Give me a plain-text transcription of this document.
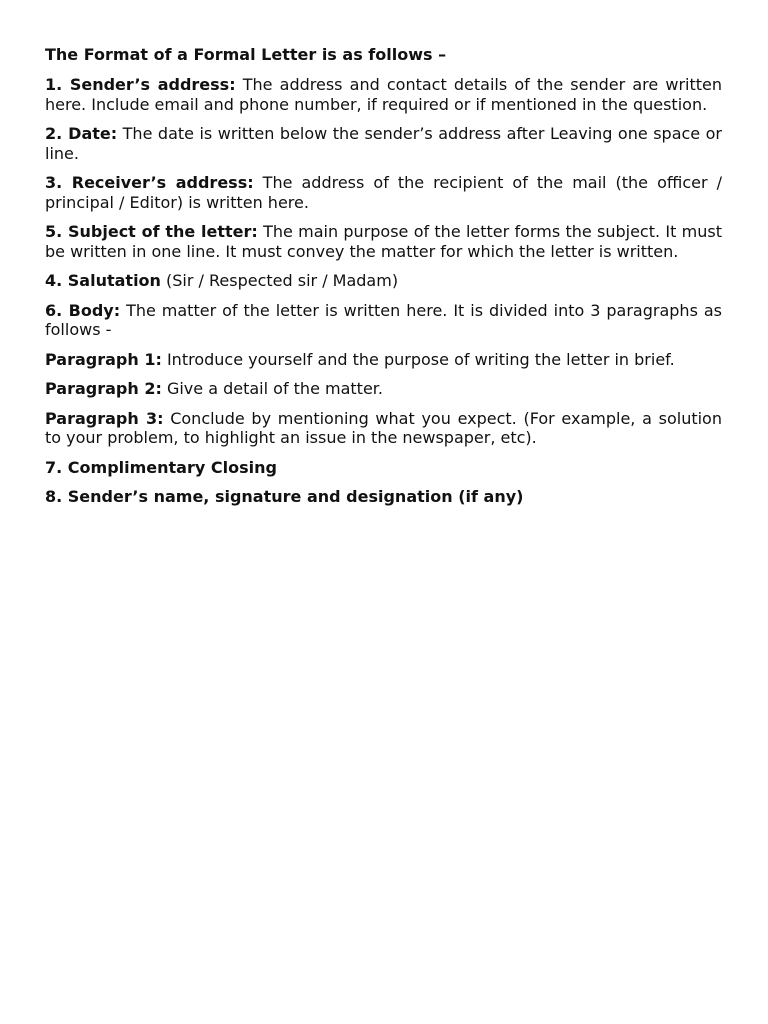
The Format of a Formal Letter is as follows –

1. Sender’s address: The address and contact details of the sender are written here. Include email and phone number, if required or if mentioned in the question.

2. Date: The date is written below the sender’s address after Leaving one space or line.

3. Receiver’s address: The address of the recipient of the mail (the officer / principal / Editor) is written here.

5. Subject of the letter: The main purpose of the letter forms the subject. It must be written in one line. It must convey the matter for which the letter is written.

4. Salutation (Sir / Respected sir / Madam)

6. Body: The matter of the letter is written here. It is divided into 3 paragraphs as follows -

Paragraph 1: Introduce yourself and the purpose of writing the letter in brief.

Paragraph 2: Give a detail of the matter.

Paragraph 3: Conclude by mentioning what you expect. (For example, a solution to your problem, to highlight an issue in the newspaper, etc).

7. Complimentary Closing

8. Sender’s name, signature and designation (if any)
